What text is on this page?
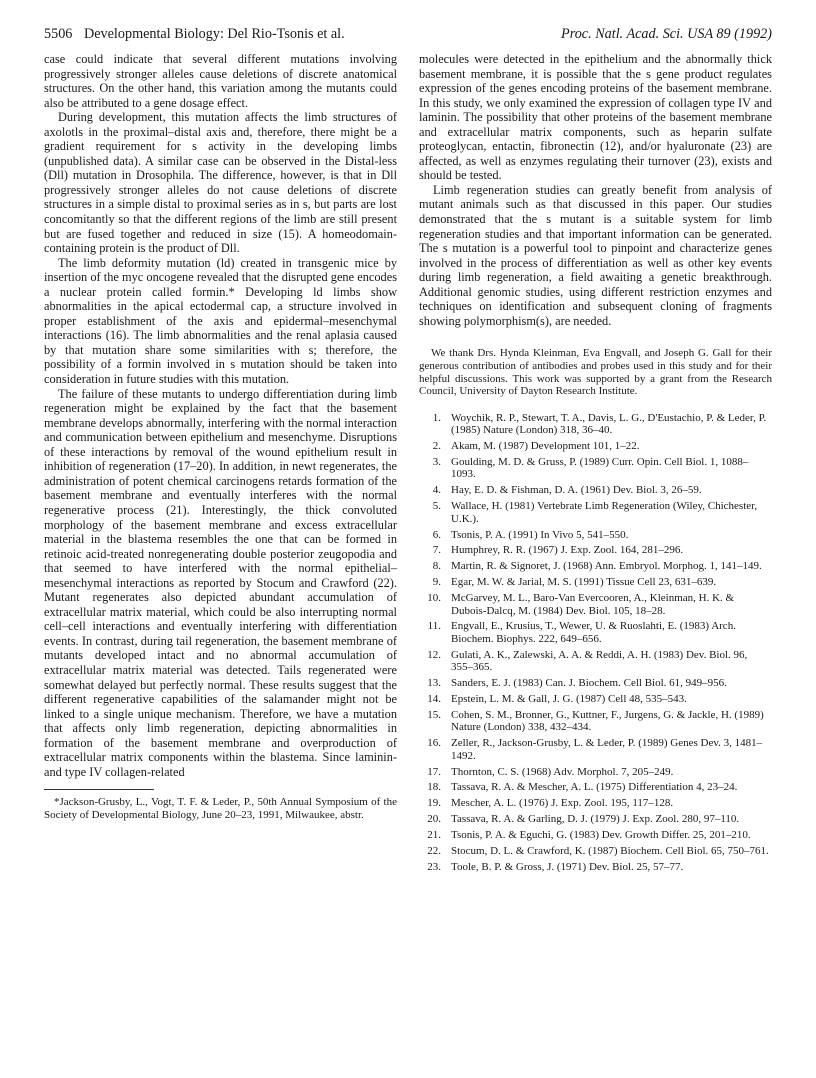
5506 Developmental Biology: Del Rio-Tsonis et al.	Proc. Natl. Acad. Sci. USA 89 (1992)

case could indicate that several different mutations involving progressively stronger alleles cause deletions of discrete anatomical structures. On the other hand, this variation among the mutants could also be attributed to a gene dosage effect.

During development, this mutation affects the limb structures of axolotls in the proximal–distal axis and, therefore, there might be a gradient requirement for s activity in the developing limbs (unpublished data). A similar case can be observed in the Distal-less (Dll) mutation in Drosophila. The difference, however, is that in Dll progressively stronger alleles do not cause deletions of discrete structures in a simple distal to proximal series as in s, but parts are lost concomitantly so that the different regions of the limb are still present but are fused together and reduced in size (15). A homeodomain-containing protein is the product of Dll.

The limb deformity mutation (ld) created in transgenic mice by insertion of the myc oncogene revealed that the disrupted gene encodes a nuclear protein called formin.* Developing ld limbs show abnormalities in the apical ectodermal cap, a structure involved in proper establishment of the axis and epidermal–mesenchymal interactions (16). The limb abnormalities and the renal aplasia caused by that mutation share some similarities with s; therefore, the possibility of a formin involved in s mutation should be taken into consideration in future studies with this mutation.

The failure of these mutants to undergo differentiation during limb regeneration might be explained by the fact that the basement membrane develops abnormally, interfering with the normal interaction and communication between epithelium and mesenchyme. Disruptions of these interactions by removal of the wound epithelium result in inhibition of regeneration (17–20). In addition, in newt regenerates, the administration of potent chemical carcinogens retards formation of the basement membrane and eventually interferes with the normal regenerative process (21). Interestingly, the thick convoluted morphology of the basement membrane and excess extracellular material in the blastema resembles the one that can be formed in retinoic acid-treated nonregenerating double posterior zeugopodia and that seemed to have interfered with the normal epithelial–mesenchymal interactions as reported by Stocum and Crawford (22). Mutant regenerates also depicted abundant accumulation of extracellular matrix material, which could be also interrupting normal cell–cell interactions and eventually interfering with differentiation events. In contrast, during tail regeneration, the basement membrane of mutants developed intact and no abnormal accumulation of extracellular matrix material was detected. Tails regenerated were somewhat delayed but perfectly normal. These results suggest that the different regenerative capabilities of the salamander might not be linked to a single unique mechanism. Therefore, we have a mutation that affects only limb regeneration, depicting abnormalities in formation of the basement membrane and overproduction of extracellular matrix components within the blastema. Since laminin- and type IV collagen-related

*Jackson-Grusby, L., Vogt, T. F. & Leder, P., 50th Annual Symposium of the Society of Developmental Biology, June 20–23, 1991, Milwaukee, abstr.

molecules were detected in the epithelium and the abnormally thick basement membrane, it is possible that the s gene product regulates expression of the genes encoding proteins of the basement membrane. In this study, we only examined the expression of collagen type IV and laminin. The possibility that other proteins of the basement membrane and extracellular matrix components, such as heparin sulfate proteoglycan, entactin, fibronectin (12), and/or hyaluronate (23) are affected, as well as enzymes regulating their turnover (23), exists and should be tested.

Limb regeneration studies can greatly benefit from analysis of mutant animals such as that discussed in this paper. Our studies demonstrated that the s mutant is a suitable system for limb regeneration studies and that important information can be generated. The s mutation is a powerful tool to pinpoint and characterize genes involved in the process of differentiation as well as other key events during limb regeneration, a field awaiting a genetic breakthrough. Additional genomic studies, using different restriction enzymes and techniques on identification and subsequent cloning of fragments showing polymorphism(s), are needed.

We thank Drs. Hynda Kleinman, Eva Engvall, and Joseph G. Gall for their generous contribution of antibodies and probes used in this study and for their helpful discussions. This work was supported by a grant from the Research Council, University of Dayton Research Institute.

1. Woychik, R. P., Stewart, T. A., Davis, L. G., D'Eustachio, P. & Leder, P. (1985) Nature (London) 318, 36–40.
2. Akam, M. (1987) Development 101, 1–22.
3. Goulding, M. D. & Gruss, P. (1989) Curr. Opin. Cell Biol. 1, 1088–1093.
4. Hay, E. D. & Fishman, D. A. (1961) Dev. Biol. 3, 26–59.
5. Wallace, H. (1981) Vertebrate Limb Regeneration (Wiley, Chichester, U.K.).
6. Tsonis, P. A. (1991) In Vivo 5, 541–550.
7. Humphrey, R. R. (1967) J. Exp. Zool. 164, 281–296.
8. Martin, R. & Signoret, J. (1968) Ann. Embryol. Morphog. 1, 141–149.
9. Egar, M. W. & Jarial, M. S. (1991) Tissue Cell 23, 631–639.
10. McGarvey, M. L., Baro-Van Evercooren, A., Kleinman, H. K. & Dubois-Dalcq, M. (1984) Dev. Biol. 105, 18–28.
11. Engvall, E., Krusius, T., Wewer, U. & Ruoslahti, E. (1983) Arch. Biochem. Biophys. 222, 649–656.
12. Gulati, A. K., Zalewski, A. A. & Reddi, A. H. (1983) Dev. Biol. 96, 355–365.
13. Sanders, E. J. (1983) Can. J. Biochem. Cell Biol. 61, 949–956.
14. Epstein, L. M. & Gall, J. G. (1987) Cell 48, 535–543.
15. Cohen, S. M., Bronner, G., Kuttner, F., Jurgens, G. & Jackle, H. (1989) Nature (London) 338, 432–434.
16. Zeller, R., Jackson-Grusby, L. & Leder, P. (1989) Genes Dev. 3, 1481–1492.
17. Thornton, C. S. (1968) Adv. Morphol. 7, 205–249.
18. Tassava, R. A. & Mescher, A. L. (1975) Differentiation 4, 23–24.
19. Mescher, A. L. (1976) J. Exp. Zool. 195, 117–128.
20. Tassava, R. A. & Garling, D. J. (1979) J. Exp. Zool. 280, 97–110.
21. Tsonis, P. A. & Eguchi, G. (1983) Dev. Growth Differ. 25, 201–210.
22. Stocum, D. L. & Crawford, K. (1987) Biochem. Cell Biol. 65, 750–761.
23. Toole, B. P. & Gross, J. (1971) Dev. Biol. 25, 57–77.
